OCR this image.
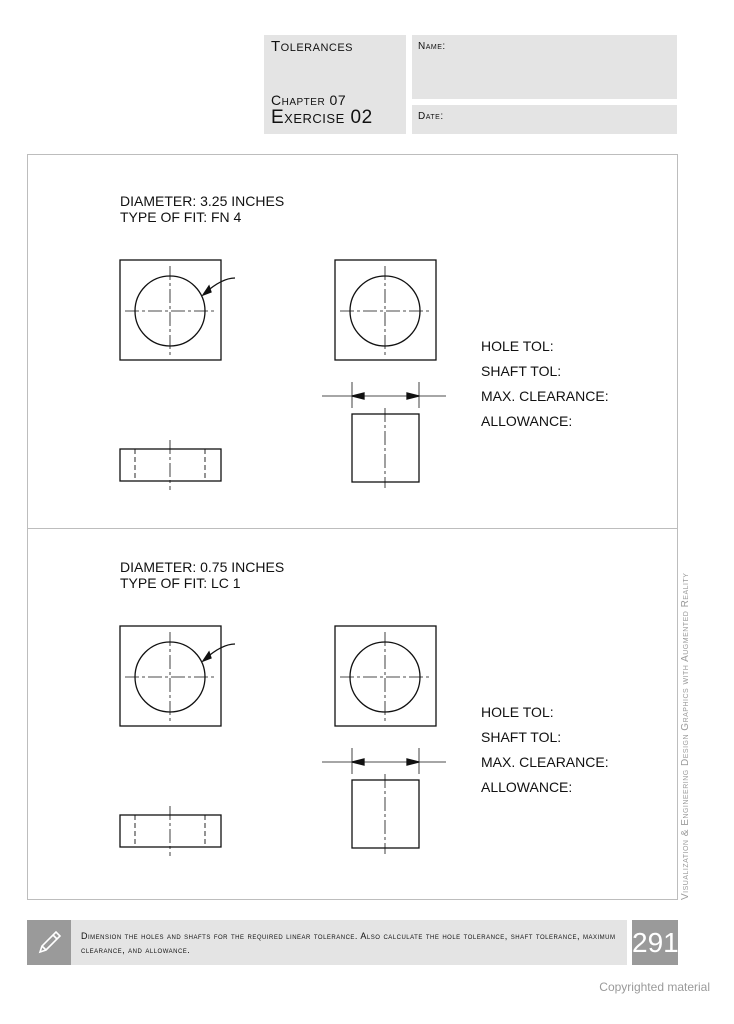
Tolerances
Chapter 07
Exercise 02
Name:
Date:
DIAMETER: 3.25 INCHES
TYPE OF FIT: FN 4
HOLE TOL:
SHAFT TOL:
MAX. CLEARANCE:
ALLOWANCE:
DIAMETER: 0.75 INCHES
TYPE OF FIT: LC 1
HOLE TOL:
SHAFT TOL:
MAX. CLEARANCE:
ALLOWANCE:	Visualization & Engineering Design Graphics with Augmented Reality
Dimension the holes and shafts for the required linear tolerance. Also calculate the hole tolerance, shaft tolerance, maximum clearance, and allowance.	291
Copyrighted material
